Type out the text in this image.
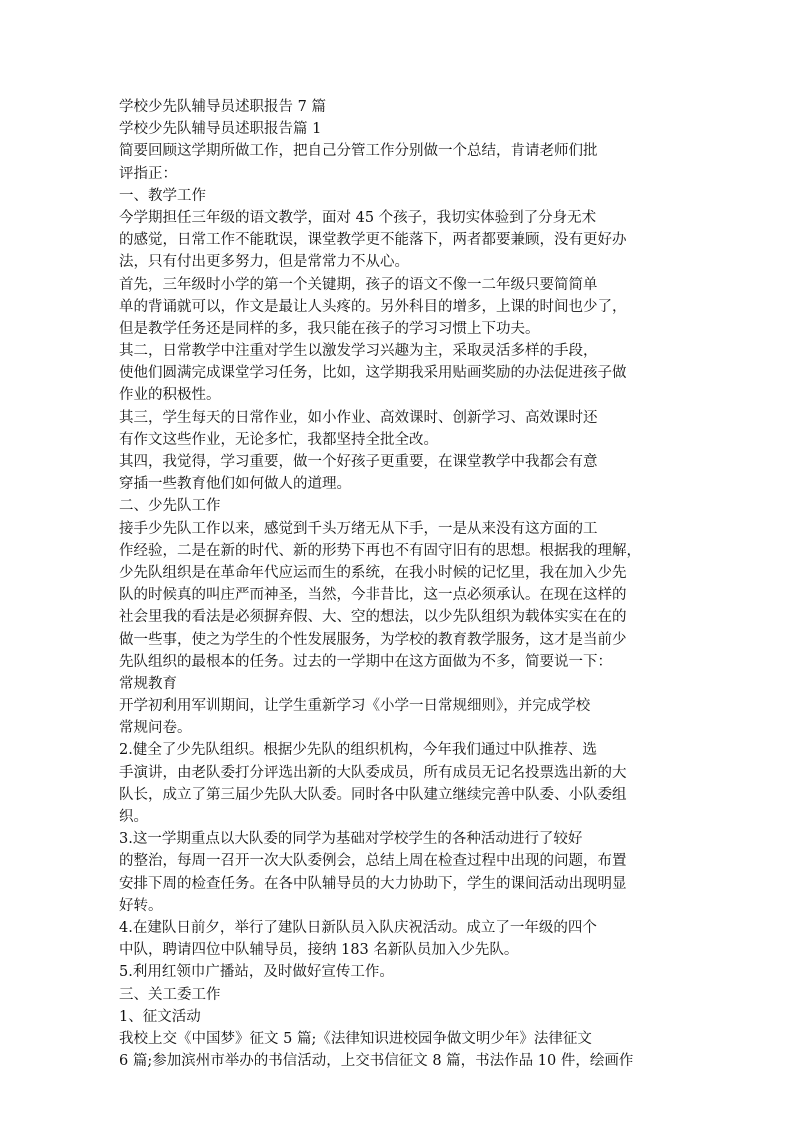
学校少先队辅导员述职报告 7 篇
学校少先队辅导员述职报告篇 1
简要回顾这学期所做工作，把自己分管工作分别做一个总结，肯请老师们批
评指正：
一、教学工作
今学期担任三年级的语文教学，面对 45 个孩子，我切实体验到了分身无术
的感觉，日常工作不能耽误，课堂教学更不能落下，两者都要兼顾，没有更好办
法，只有付出更多努力，但是常常力不从心。
首先，三年级时小学的第一个关键期，孩子的语文不像一二年级只要简简单
单的背诵就可以，作文是最让人头疼的。另外科目的增多，上课的时间也少了，
但是教学任务还是同样的多，我只能在孩子的学习习惯上下功夫。
其二，日常教学中注重对学生以激发学习兴趣为主，采取灵活多样的手段，
使他们圆满完成课堂学习任务，比如，这学期我采用贴画奖励的办法促进孩子做
作业的积极性。
其三，学生每天的日常作业，如小作业、高效课时、创新学习、高效课时还
有作文这些作业，无论多忙，我都坚持全批全改。
其四，我觉得，学习重要，做一个好孩子更重要，在课堂教学中我都会有意
穿插一些教育他们如何做人的道理。
二、少先队工作
接手少先队工作以来，感觉到千头万绪无从下手，一是从来没有这方面的工
作经验，二是在新的时代、新的形势下再也不有固守旧有的思想。根据我的理解，
少先队组织是在革命年代应运而生的系统，在我小时候的记忆里，我在加入少先
队的时候真的叫庄严而神圣，当然，今非昔比，这一点必须承认。在现在这样的
社会里我的看法是必须摒弃假、大、空的想法，以少先队组织为载体实实在在的
做一些事，使之为学生的个性发展服务，为学校的教育教学服务，这才是当前少
先队组织的最根本的任务。过去的一学期中在这方面做为不多，简要说一下：
常规教育
开学初利用军训期间，让学生重新学习《小学一日常规细则》，并完成学校
常规问卷。
2.健全了少先队组织。根据少先队的组织机构，今年我们通过中队推荐、选
手演讲，由老队委打分评选出新的大队委成员，所有成员无记名投票选出新的大
队长，成立了第三届少先队大队委。同时各中队建立继续完善中队委、小队委组
织。
3.这一学期重点以大队委的同学为基础对学校学生的各种活动进行了较好
的整治，每周一召开一次大队委例会，总结上周在检查过程中出现的问题，布置
安排下周的检查任务。在各中队辅导员的大力协助下，学生的课间活动出现明显
好转。
4.在建队日前夕，举行了建队日新队员入队庆祝活动。成立了一年级的四个
中队，聘请四位中队辅导员，接纳 183 名新队员加入少先队。
5.利用红领巾广播站，及时做好宣传工作。
三、关工委工作
1、征文活动
我校上交《中国梦》征文 5 篇;《法律知识进校园争做文明少年》法律征文
6 篇;参加滨州市举办的书信活动，上交书信征文 8 篇，书法作品 10 件，绘画作
